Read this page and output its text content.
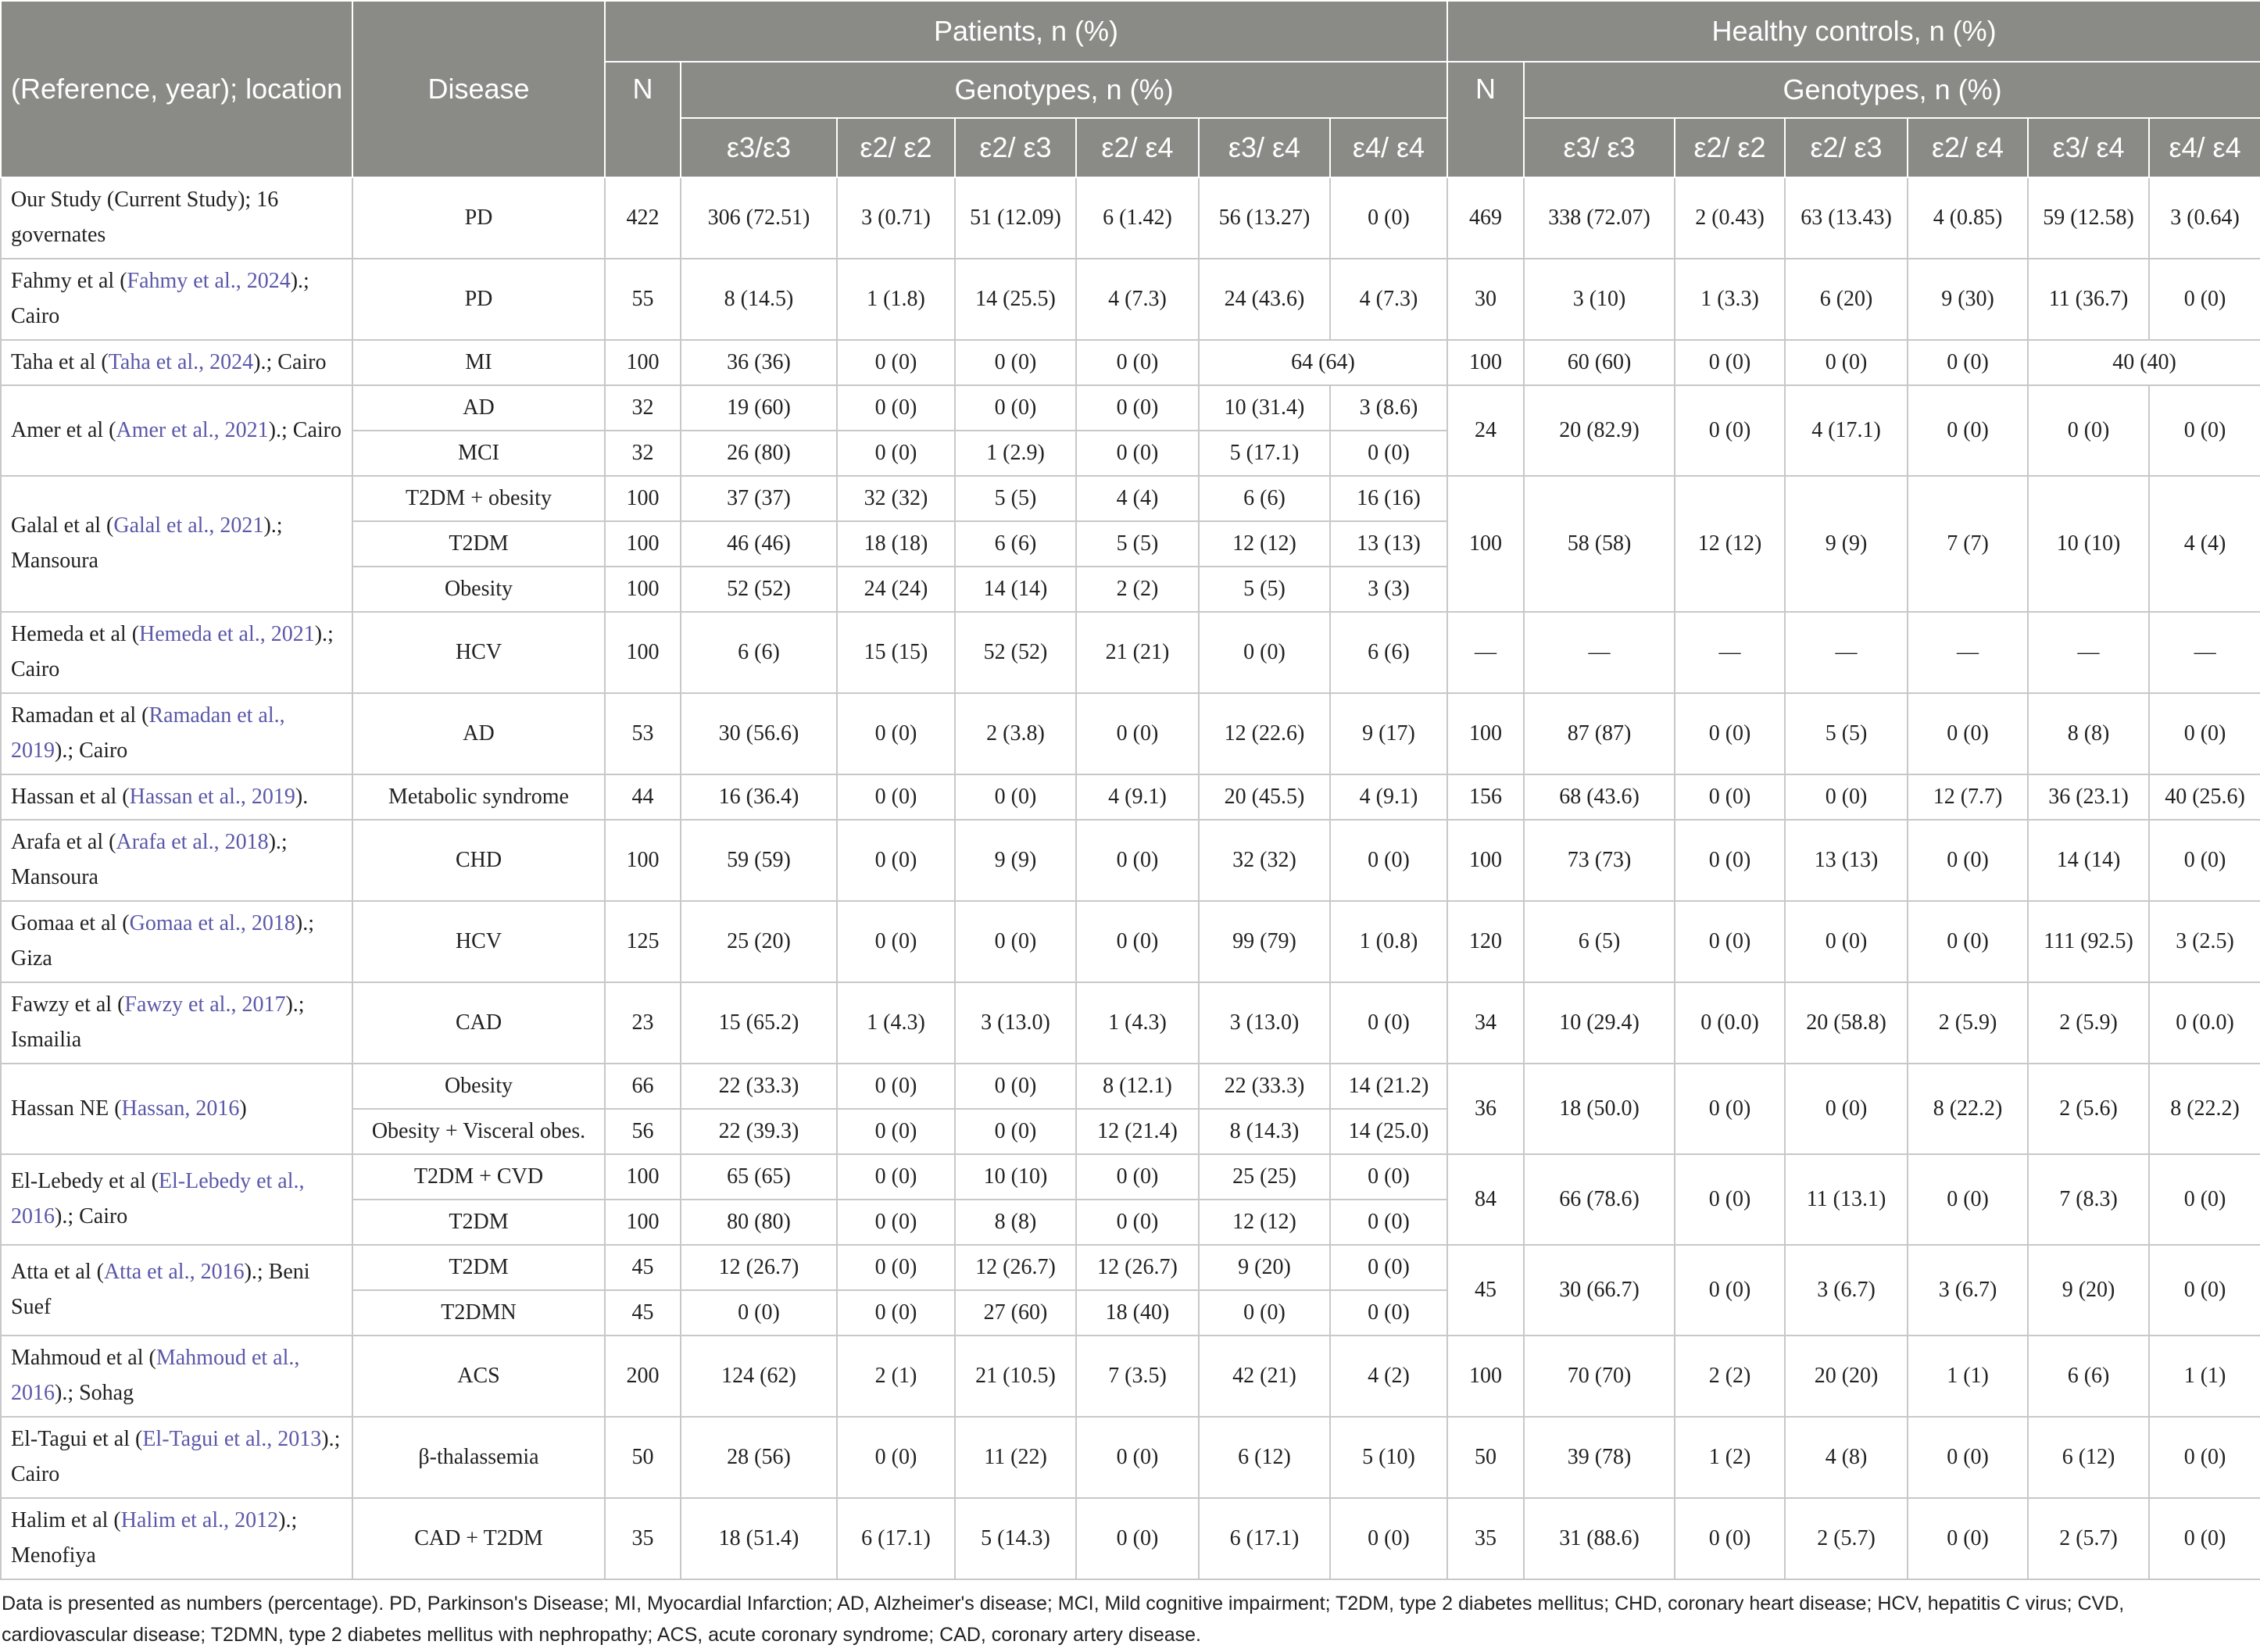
(Reference, year); location	Disease	Patients, n (%)							Healthy controls, n (%)						
		N	Genotypes, n (%)						N	Genotypes, n (%)					
			ε3/ε3	ε2/ ε2	ε2/ ε3	ε2/ ε4	ε3/ ε4	ε4/ ε4		ε3/ ε3	ε2/ ε2	ε2/ ε3	ε2/ ε4	ε3/ ε4	ε4/ ε4
Our Study (Current Study); 16 governates	PD	422	306 (72.51)	3 (0.71)	51 (12.09)	6 (1.42)	56 (13.27)	0 (0)	469	338 (72.07)	2 (0.43)	63 (13.43)	4 (0.85)	59 (12.58)	3 (0.64)
Fahmy et al (Fahmy et al., 2024).; Cairo	PD	55	8 (14.5)	1 (1.8)	14 (25.5)	4 (7.3)	24 (43.6)	4 (7.3)	30	3 (10)	1 (3.3)	6 (20)	9 (30)	11 (36.7)	0 (0)
Taha et al (Taha et al., 2024).; Cairo	MI	100	36 (36)	0 (0)	0 (0)	0 (0)	64 (64)		100	60 (60)	0 (0)	0 (0)	0 (0)	40 (40)	
Amer et al (Amer et al., 2021).; Cairo	AD	32	19 (60)	0 (0)	0 (0)	0 (0)	10 (31.4)	3 (8.6)	24	20 (82.9)	0 (0)	4 (17.1)	0 (0)	0 (0)	0 (0)
	MCI	32	26 (80)	0 (0)	1 (2.9)	0 (0)	5 (17.1)	0 (0)							
Galal et al (Galal et al., 2021).; Mansoura	T2DM + obesity	100	37 (37)	32 (32)	5 (5)	4 (4)	6 (6)	16 (16)	100	58 (58)	12 (12)	9 (9)	7 (7)	10 (10)	4 (4)
	T2DM	100	46 (46)	18 (18)	6 (6)	5 (5)	12 (12)	13 (13)							
	Obesity	100	52 (52)	24 (24)	14 (14)	2 (2)	5 (5)	3 (3)							
Hemeda et al (Hemeda et al., 2021).; Cairo	HCV	100	6 (6)	15 (15)	52 (52)	21 (21)	0 (0)	6 (6)	—	—	—	—	—	—	—
Ramadan et al (Ramadan et al., 2019).; Cairo	AD	53	30 (56.6)	0 (0)	2 (3.8)	0 (0)	12 (22.6)	9 (17)	100	87 (87)	0 (0)	5 (5)	0 (0)	8 (8)	0 (0)
Hassan et al (Hassan et al., 2019).	Metabolic syndrome	44	16 (36.4)	0 (0)	0 (0)	4 (9.1)	20 (45.5)	4 (9.1)	156	68 (43.6)	0 (0)	0 (0)	12 (7.7)	36 (23.1)	40 (25.6)
Arafa et al (Arafa et al., 2018).; Mansoura	CHD	100	59 (59)	0 (0)	9 (9)	0 (0)	32 (32)	0 (0)	100	73 (73)	0 (0)	13 (13)	0 (0)	14 (14)	0 (0)
Gomaa et al (Gomaa et al., 2018).; Giza	HCV	125	25 (20)	0 (0)	0 (0)	0 (0)	99 (79)	1 (0.8)	120	6 (5)	0 (0)	0 (0)	0 (0)	111 (92.5)	3 (2.5)
Fawzy et al (Fawzy et al., 2017).; Ismailia	CAD	23	15 (65.2)	1 (4.3)	3 (13.0)	1 (4.3)	3 (13.0)	0 (0)	34	10 (29.4)	0 (0.0)	20 (58.8)	2 (5.9)	2 (5.9)	0 (0.0)
Hassan NE (Hassan, 2016)	Obesity	66	22 (33.3)	0 (0)	0 (0)	8 (12.1)	22 (33.3)	14 (21.2)	36	18 (50.0)	0 (0)	0 (0)	8 (22.2)	2 (5.6)	8 (22.2)
	Obesity + Visceral obes.	56	22 (39.3)	0 (0)	0 (0)	12 (21.4)	8 (14.3)	14 (25.0)							
El-Lebedy et al (El-Lebedy et al., 2016).; Cairo	T2DM + CVD	100	65 (65)	0 (0)	10 (10)	0 (0)	25 (25)	0 (0)	84	66 (78.6)	0 (0)	11 (13.1)	0 (0)	7 (8.3)	0 (0)
	T2DM	100	80 (80)	0 (0)	8 (8)	0 (0)	12 (12)	0 (0)							
Atta et al (Atta et al., 2016).; Beni Suef	T2DM	45	12 (26.7)	0 (0)	12 (26.7)	12 (26.7)	9 (20)	0 (0)	45	30 (66.7)	0 (0)	3 (6.7)	3 (6.7)	9 (20)	0 (0)
	T2DMN	45	0 (0)	0 (0)	27 (60)	18 (40)	0 (0)	0 (0)							
Mahmoud et al (Mahmoud et al., 2016).; Sohag	ACS	200	124 (62)	2 (1)	21 (10.5)	7 (3.5)	42 (21)	4 (2)	100	70 (70)	2 (2)	20 (20)	1 (1)	6 (6)	1 (1)
El-Tagui et al (El-Tagui et al., 2013).; Cairo	β-thalassemia	50	28 (56)	0 (0)	11 (22)	0 (0)	6 (12)	5 (10)	50	39 (78)	1 (2)	4 (8)	0 (0)	6 (12)	0 (0)
Halim et al (Halim et al., 2012).; Menofiya	CAD + T2DM	35	18 (51.4)	6 (17.1)	5 (14.3)	0 (0)	6 (17.1)	0 (0)	35	31 (88.6)	0 (0)	2 (5.7)	0 (0)	2 (5.7)	0 (0)
Data is presented as numbers (percentage). PD, Parkinson's Disease; MI, Myocardial Infarction; AD, Alzheimer's disease; MCI, Mild cognitive impairment; T2DM, type 2 diabetes mellitus; CHD, coronary heart disease; HCV, hepatitis C virus; CVD, cardiovascular disease; T2DMN, type 2 diabetes mellitus with nephropathy; ACS, acute coronary syndrome; CAD, coronary artery disease.
